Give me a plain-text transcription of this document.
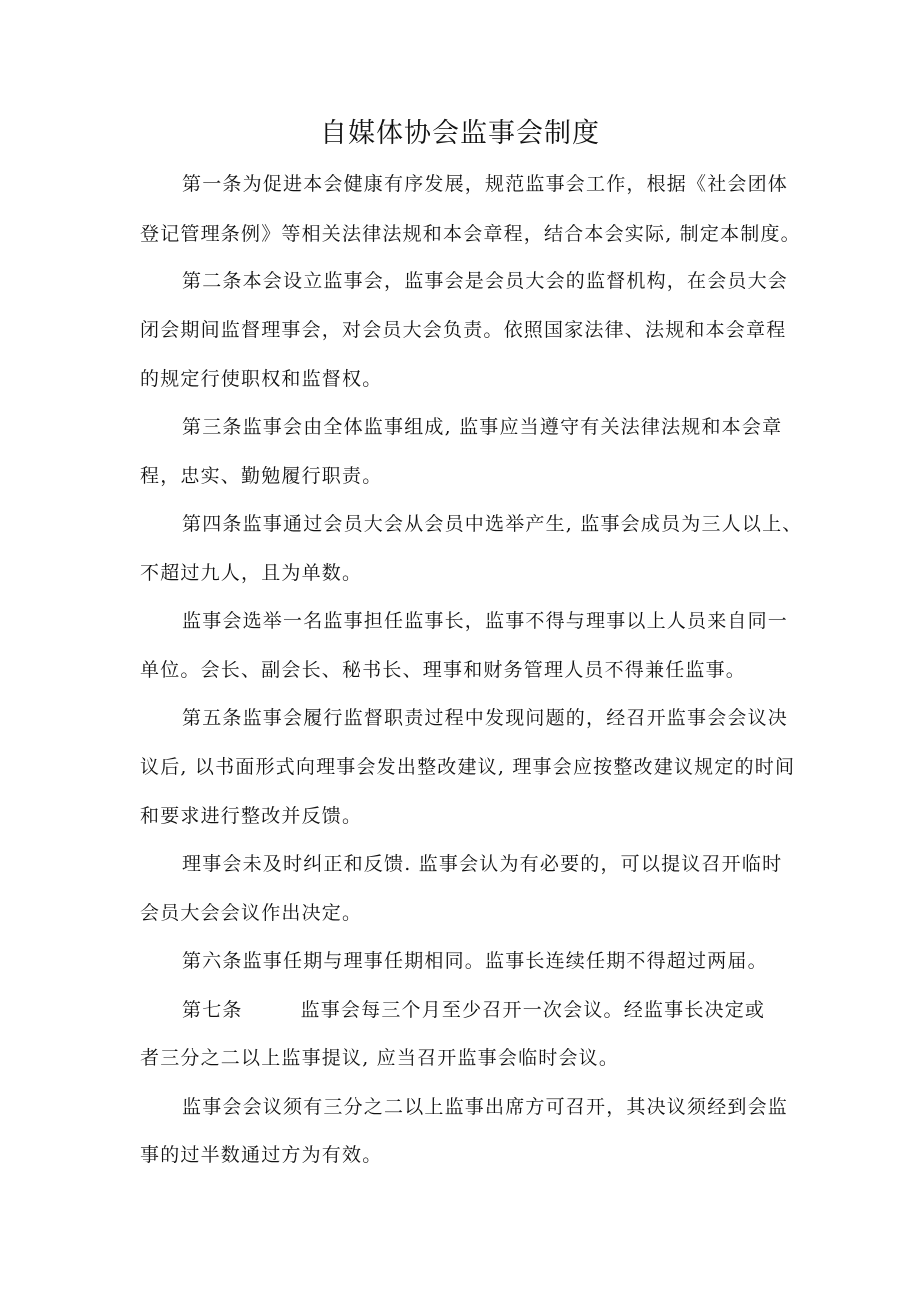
自媒体协会监事会制度
第一条为促进本会健康有序发展，规范监事会工作，根据《社会团体
登记管理条例》等相关法律法规和本会章程，结合本会实际, 制定本制度。
第二条本会设立监事会，监事会是会员大会的监督机构，在会员大会
闭会期间监督理事会，对会员大会负责。依照国家法律、法规和本会章程
的规定行使职权和监督权。
第三条监事会由全体监事组成, 监事应当遵守有关法律法规和本会章
程，忠实、勤勉履行职责。
第四条监事通过会员大会从会员中选举产生, 监事会成员为三人以上、
不超过九人，且为单数。
监事会选举一名监事担任监事长，监事不得与理事以上人员来自同一
单位。会长、副会长、秘书长、理事和财务管理人员不得兼任监事。
第五条监事会履行监督职责过程中发现问题的，经召开监事会会议决
议后, 以书面形式向理事会发出整改建议, 理事会应按整改建议规定的时间
和要求进行整改并反馈。
理事会未及时纠正和反馈. 监事会认为有必要的，可以提议召开临时
会员大会会议作出决定。
第六条监事任期与理事任期相同。监事长连续任期不得超过两届。
第七条        监事会每三个月至少召开一次会议。经监事长决定或
者三分之二以上监事提议, 应当召开监事会临时会议。
监事会会议须有三分之二以上监事出席方可召开，其决议须经到会监
事的过半数通过方为有效。
